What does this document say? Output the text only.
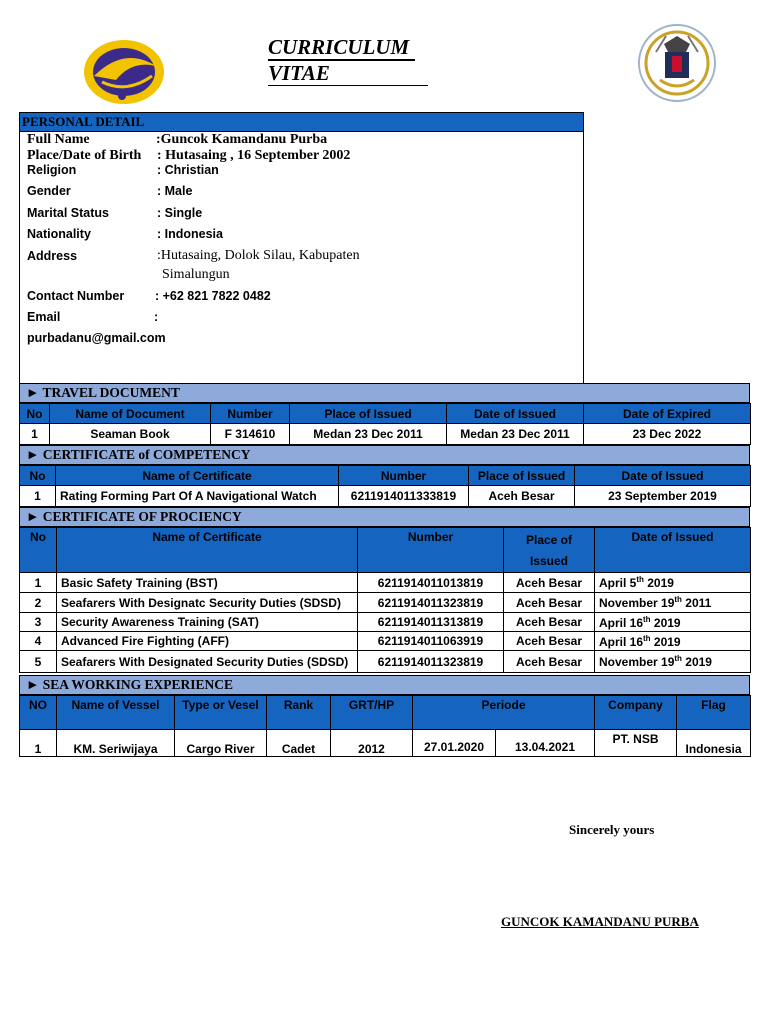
CURRICULUM
VITAE
PERSONAL DETAIL
Full Name	:Guncok Kamandanu Purba
Place/Date of Birth : Hutasaing , 16 September 2002
Religion	: Christian
Gender	: Male
Marital Status	: Single
Nationality	: Indonesia
Address	:Hutasaing, Dolok Silau, Kabupaten
Simalungun
Contact Number : +62 821 7822 0482
Email	:
purbadanu@gmail.com
► TRAVEL DOCUMENT
No	Name of Document	Number	Place of Issued	Date of Issued	Date of Expired
1	Seaman Book	F 314610	Medan 23 Dec 2011	Medan 23 Dec 2011	23 Dec 2022
► CERTIFICATE of COMPETENCY
No	Name of Certificate	Number	Place of Issued	Date of Issued
1	Rating Forming Part Of A Navigational Watch	6211914011333819	Aceh Besar	23 September 2019
► CERTIFICATE OF PROCIENCY
No	Name of Certificate	Number	Place of Issued	Date of Issued
1	Basic Safety Training (BST)	6211914011013819	Aceh Besar	April 5th 2019
2	Seafarers With Designatc Security Duties (SDSD)	6211914011323819	Aceh Besar	November 19th 2011
3	Security Awareness Training (SAT)	6211914011313819	Aceh Besar	April 16th 2019
4	Advanced Fire Fighting (AFF)	6211914011063919	Aceh Besar	April 16th 2019
5	Seafarers With Designated Security Duties (SDSD)	6211914011323819	Aceh Besar	November 19th 2019
► SEA WORKING EXPERIENCE
NO	Name of Vessel	Type or Vesel	Rank	GRT/HP	Periode	Company	Flag
1	KM. Seriwijaya	Cargo River	Cadet	2012	27.01.2020 13.04.2021	PT. NSB	Indonesia
Sincerely yours
GUNCOK KAMANDANU PURBA
